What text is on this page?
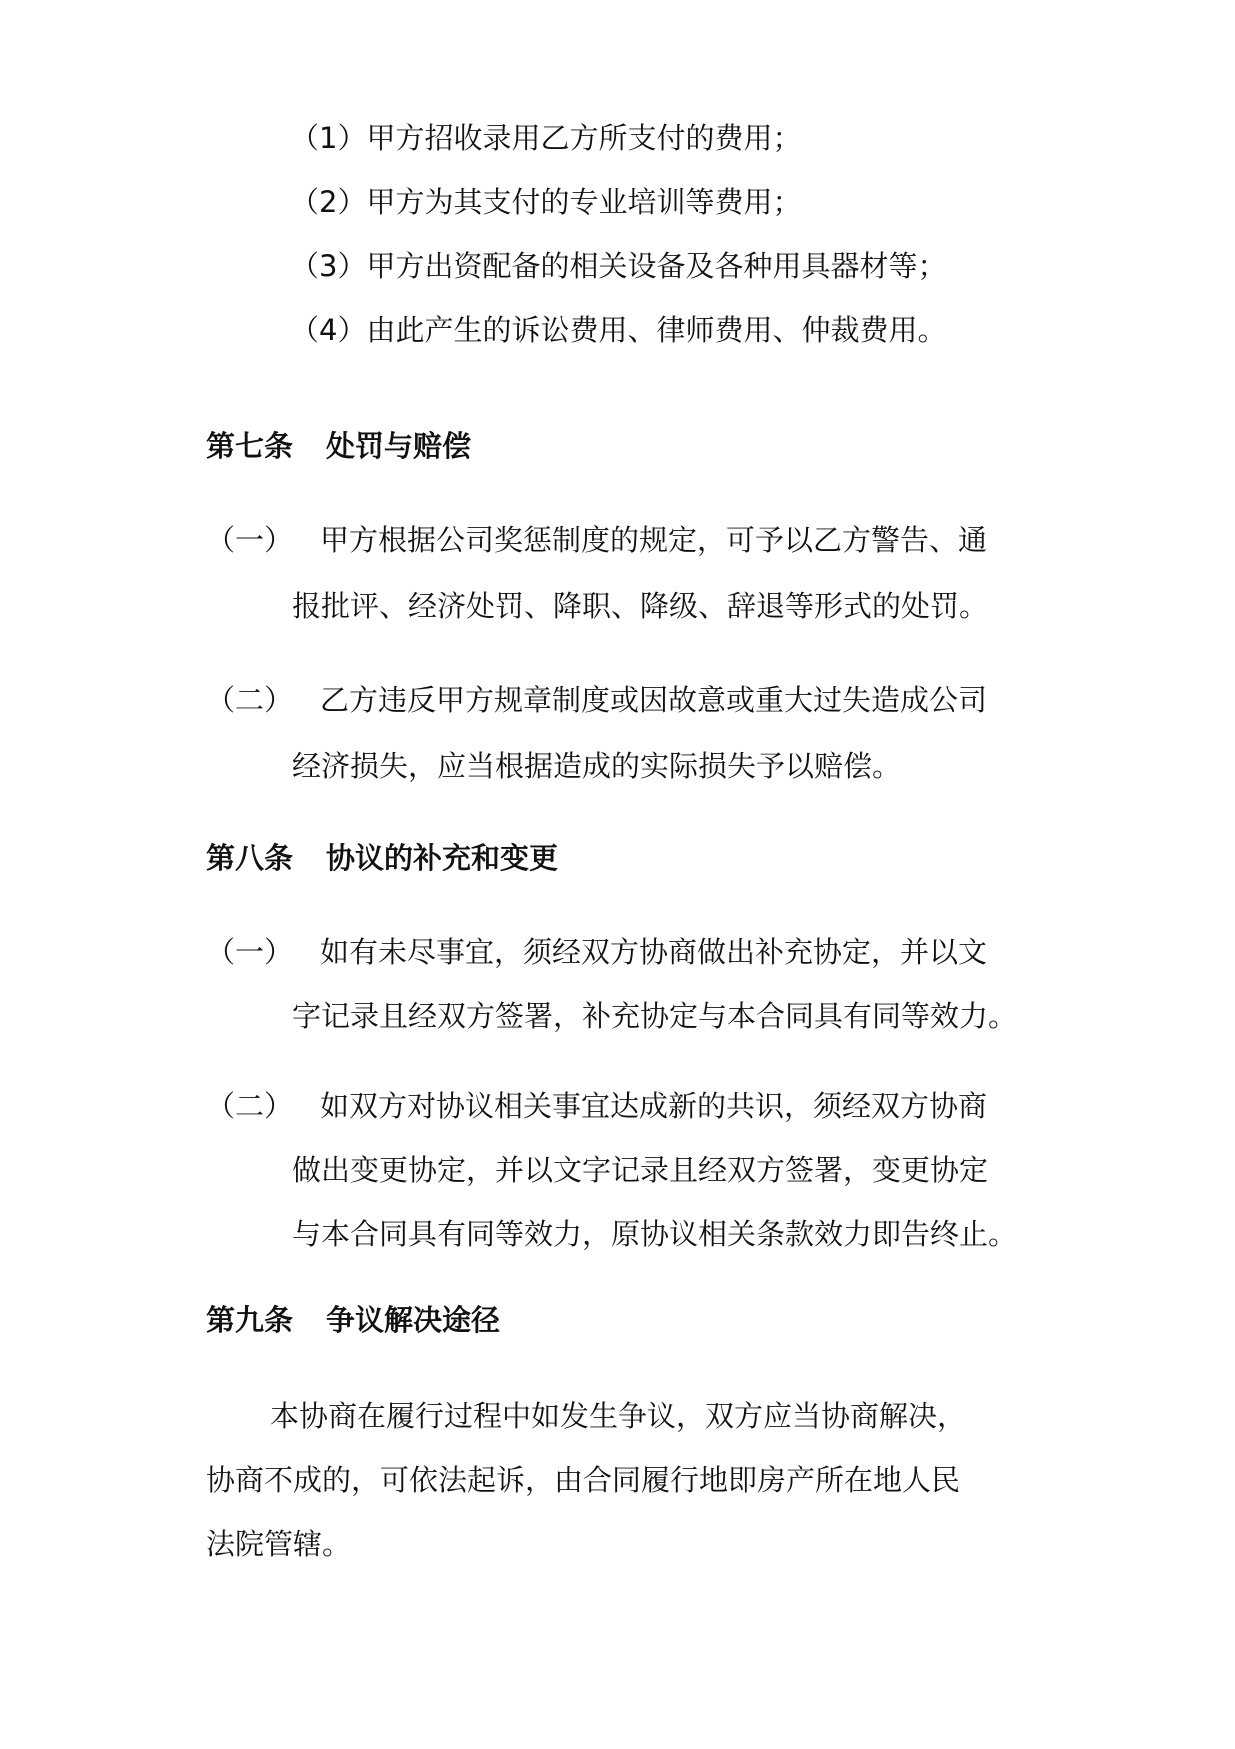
（1）甲方招收录用乙方所支付的费用；
（2）甲方为其支付的专业培训等费用；
（3）甲方出资配备的相关设备及各种用具器材等；
（4）由此产生的诉讼费用、律师费用、仲裁费用。
第七条 处罚与赔偿
（一） 甲方根据公司奖惩制度的规定，可予以乙方警告、通
报批评、经济处罚、降职、降级、辞退等形式的处罚。
（二） 乙方违反甲方规章制度或因故意或重大过失造成公司
经济损失，应当根据造成的实际损失予以赔偿。
第八条 协议的补充和变更
（一） 如有未尽事宜，须经双方协商做出补充协定，并以文
字记录且经双方签署，补充协定与本合同具有同等效力。
（二） 如双方对协议相关事宜达成新的共识，须经双方协商
做出变更协定，并以文字记录且经双方签署，变更协定
与本合同具有同等效力，原协议相关条款效力即告终止。
第九条 争议解决途径
本协商在履行过程中如发生争议，双方应当协商解决，
协商不成的，可依法起诉，由合同履行地即房产所在地人民
法院管辖。
